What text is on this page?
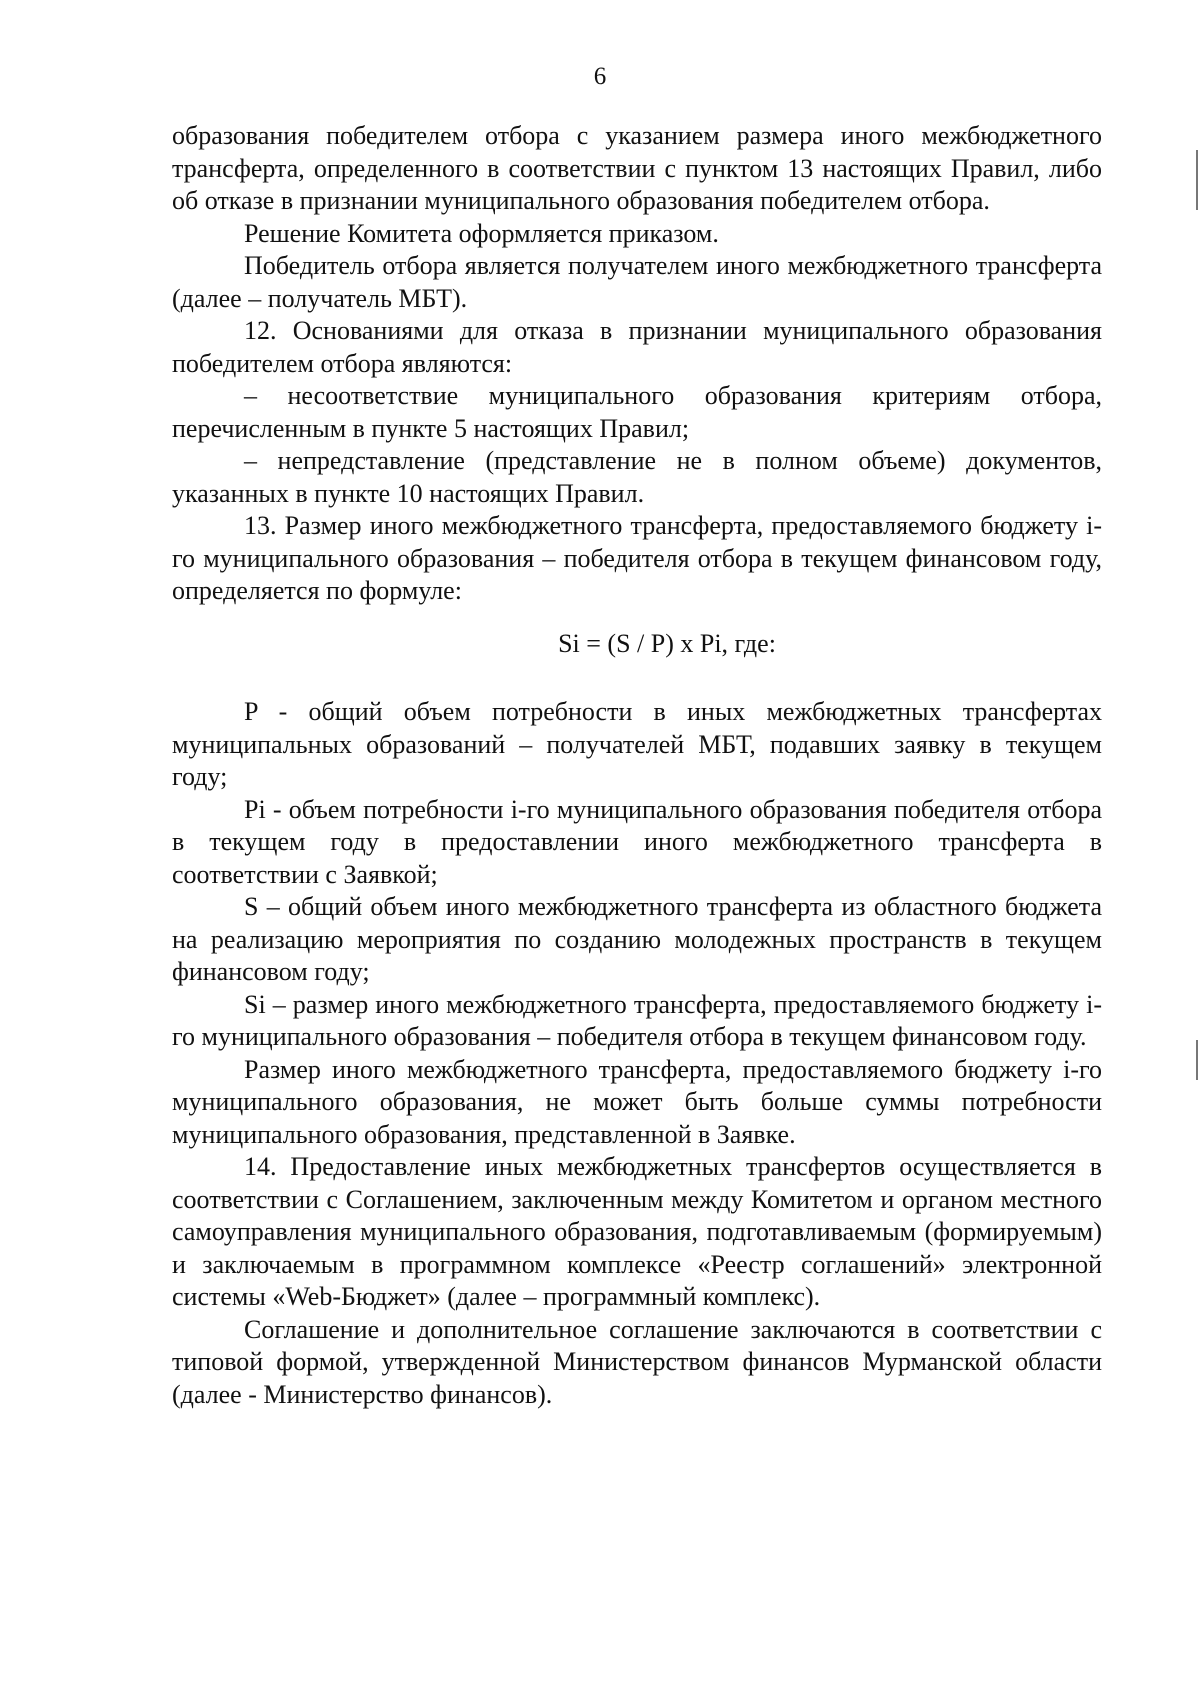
6

образования победителем отбора с указанием размера иного межбюджетного трансферта, определенного в соответствии с пунктом 13 настоящих Правил, либо об отказе в признании муниципального образования победителем отбора.

Решение Комитета оформляется приказом.

Победитель отбора является получателем иного межбюджетного трансферта (далее – получатель МБТ).

12. Основаниями для отказа в признании муниципального образования победителем отбора являются:

– несоответствие муниципального образования критериям отбора, перечисленным в пункте 5 настоящих Правил;

– непредставление (представление не в полном объеме) документов, указанных в пункте 10 настоящих Правил.

13. Размер иного межбюджетного трансферта, предоставляемого бюджету i-го муниципального образования – победителя отбора в текущем финансовом году, определяется по формуле:

Si = (S / P) x Pi, где:

P - общий объем потребности в иных межбюджетных трансфертах муниципальных образований – получателей МБТ, подавших заявку в текущем году;

Pi - объем потребности i-го муниципального образования победителя отбора в текущем году в предоставлении иного межбюджетного трансферта в соответствии с Заявкой;

S – общий объем иного межбюджетного трансферта из областного бюджета на реализацию мероприятия по созданию молодежных пространств в текущем финансовом году;

Si – размер иного межбюджетного трансферта, предоставляемого бюджету i-го муниципального образования – победителя отбора в текущем финансовом году.

Размер иного межбюджетного трансферта, предоставляемого бюджету i-го муниципального образования, не может быть больше суммы потребности муниципального образования, представленной в Заявке.

14. Предоставление иных межбюджетных трансфертов осуществляется в соответствии с Соглашением, заключенным между Комитетом и органом местного самоуправления муниципального образования, подготавливаемым (формируемым) и заключаемым в программном комплексе «Реестр соглашений» электронной системы «Web-Бюджет» (далее – программный комплекс).

Соглашение и дополнительное соглашение заключаются в соответствии с типовой формой, утвержденной Министерством финансов Мурманской области (далее - Министерство финансов).
